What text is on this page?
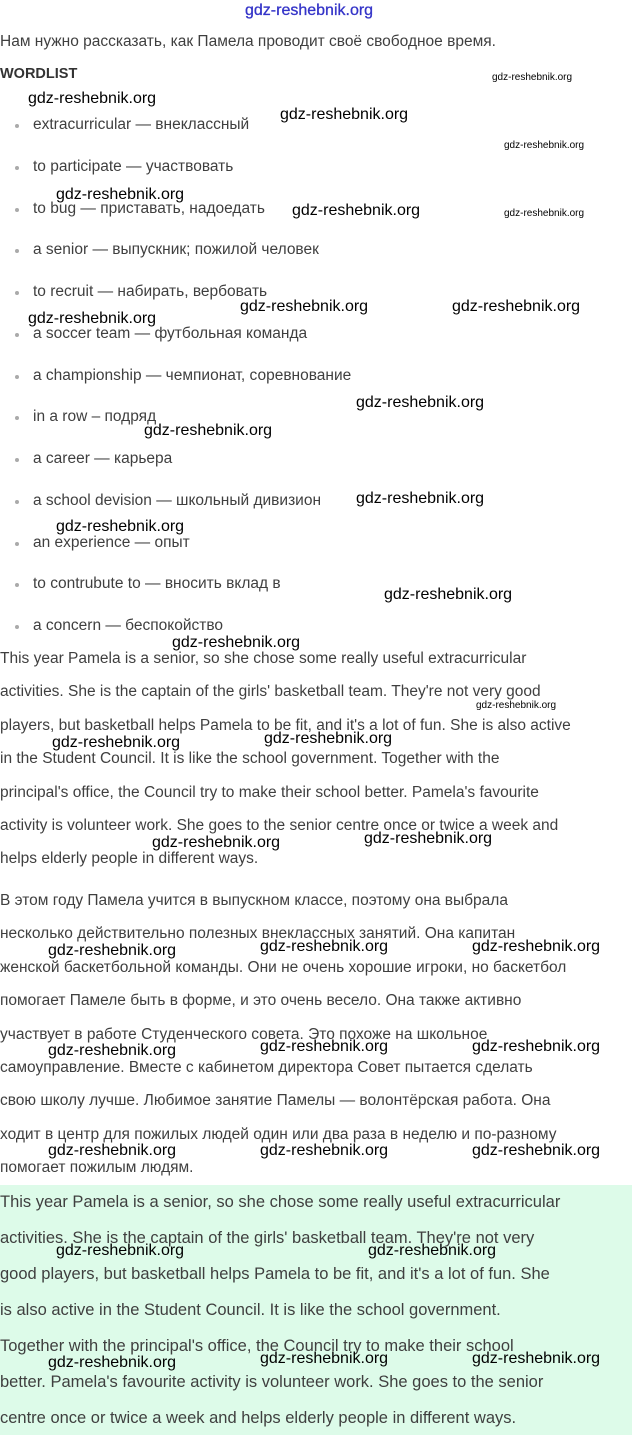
gdz-reshebnik.org
Нам нужно рассказать, как Памела проводит своё свободное время.
WORDLIST
extracurricular — внеклассный
to participate — участвовать
to bug — приставать, надоедать
a senior — выпускник; пожилой человек
to recruit — набирать, вербовать
a soccer team — футбольная команда
a championship — чемпионат, соревнование
in a row – подряд
a career — карьера
a school devision — школьный дивизион
an experience — опыт
to contrubute to — вносить вклад в
a concern — беспокойство
This year Pamela is a senior, so she chose some really useful extracurricular
activities. She is the captain of the girls' basketball team. They're not very good
players, but basketball helps Pamela to be fit, and it's a lot of fun. She is also active
in the Student Council. It is like the school government. Together with the
principal's office, the Council try to make their school better. Pamela's favourite
activity is volunteer work. She goes to the senior centre once or twice a week and
helps elderly people in different ways.
В этом году Памела учится в выпускном классе, поэтому она выбрала
несколько действительно полезных внеклассных занятий. Она капитан
женской баскетбольной команды. Они не очень хорошие игроки, но баскетбол
помогает Памеле быть в форме, и это очень весело. Она также активно
участвует в работе Студенческого совета. Это похоже на школьное
самоуправление. Вместе с кабинетом директора Совет пытается сделать
свою школу лучше. Любимое занятие Памелы — волонтёрская работа. Она
ходит в центр для пожилых людей один или два раза в неделю и по-разному
помогает пожилым людям.
This year Pamela is a senior, so she chose some really useful extracurricular
activities. She is the captain of the girls' basketball team. They're not very
good players, but basketball helps Pamela to be fit, and it's a lot of fun. She
is also active in the Student Council. It is like the school government.
Together with the principal's office, the Council try to make their school
better. Pamela's favourite activity is volunteer work. She goes to the senior
centre once or twice a week and helps elderly people in different ways.
gdz-reshebnik.org
gdz-reshebnik.org
gdz-reshebnik.org
gdz-reshebnik.org
gdz-reshebnik.org
gdz-reshebnik.org	gdz-reshebnik.org
gdz-reshebnik.org
gdz-reshebnik.org	gdz-reshebnik.org
gdz-reshebnik.org
gdz-reshebnik.org
gdz-reshebnik.org
gdz-reshebnik.org
gdz-reshebnik.org
gdz-reshebnik.org
gdz-reshebnik.org
gdz-reshebnik.org	gdz-reshebnik.org
gdz-reshebnik.org	gdz-reshebnik.org
gdz-reshebnik.org	gdz-reshebnik.org	gdz-reshebnik.org
gdz-reshebnik.org	gdz-reshebnik.org	gdz-reshebnik.org
gdz-reshebnik.org	gdz-reshebnik.org	gdz-reshebnik.org
gdz-reshebnik.org	gdz-reshebnik.org
gdz-reshebnik.org	gdz-reshebnik.org	gdz-reshebnik.org
